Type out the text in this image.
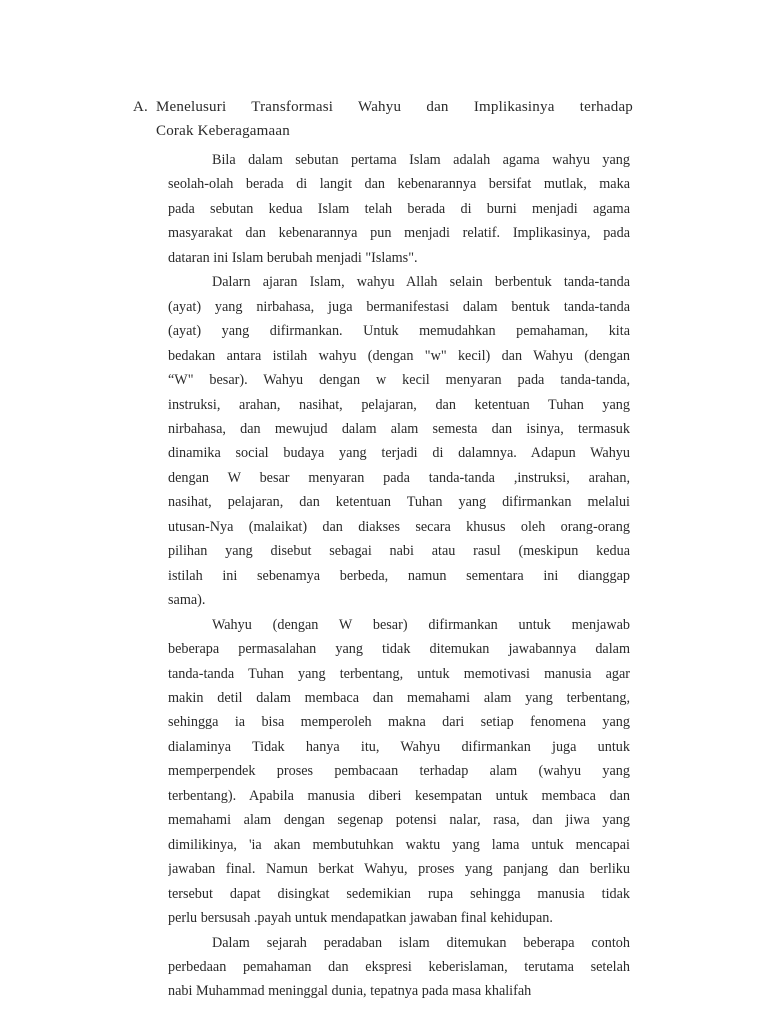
A. Menelusuri Transformasi Wahyu dan Implikasinya terhadap
Corak Keberagamaan
Bila dalam sebutan pertama Islam adalah agama wahyu yang
seolah-olah berada di langit dan kebenarannya bersifat mutlak, maka
pada sebutan kedua Islam telah berada di burni menjadi agama
masyarakat dan kebenarannya pun menjadi relatif. Implikasinya, pada
dataran ini Islam berubah menjadi "Islams".
Dalarn ajaran Islam, wahyu Allah selain berbentuk tanda-tanda
(ayat) yang nirbahasa, juga bermanifestasi dalam bentuk tanda-tanda
(ayat) yang difirmankan. Untuk memudahkan pemahaman, kita
bedakan antara istilah wahyu (dengan "w" kecil) dan Wahyu (dengan
“W" besar). Wahyu dengan w kecil menyaran pada tanda-tanda,
instruksi, arahan, nasihat, pelajaran, dan ketentuan Tuhan yang
nirbahasa, dan mewujud dalam alam semesta dan isinya, termasuk
dinamika social budaya yang terjadi di dalamnya. Adapun Wahyu
dengan W besar menyaran pada tanda-tanda ,instruksi, arahan,
nasihat, pelajaran, dan ketentuan Tuhan yang difirmankan melalui
utusan-Nya (malaikat) dan diakses secara khusus oleh orang-orang
pilihan yang disebut sebagai nabi atau rasul (meskipun kedua
istilah ini sebenamya berbeda, namun sementara ini dianggap
sama).
Wahyu (dengan W besar) difirmankan untuk menjawab
beberapa permasalahan yang tidak ditemukan jawabannya dalam
tanda-tanda Tuhan yang terbentang, untuk memotivasi manusia agar
makin detil dalam membaca dan memahami alam yang terbentang,
sehingga ia bisa memperoleh makna dari setiap fenomena yang
dialaminya Tidak hanya itu, Wahyu difirmankan juga untuk
memperpendek proses pembacaan terhadap alam (wahyu yang
terbentang). Apabila manusia diberi kesempatan untuk membaca dan
memahami alam dengan segenap potensi nalar, rasa, dan jiwa yang
dimilikinya, 'ia akan membutuhkan waktu yang lama untuk mencapai
jawaban final. Namun berkat Wahyu, proses yang panjang dan berliku
tersebut dapat disingkat sedemikian rupa sehingga manusia tidak
perlu bersusah .payah untuk mendapatkan jawaban final kehidupan.
Dalam sejarah peradaban islam ditemukan beberapa contoh
perbedaan pemahaman dan ekspresi keberislaman, terutama setelah
nabi Muhammad meninggal dunia, tepatnya pada masa khalifah
